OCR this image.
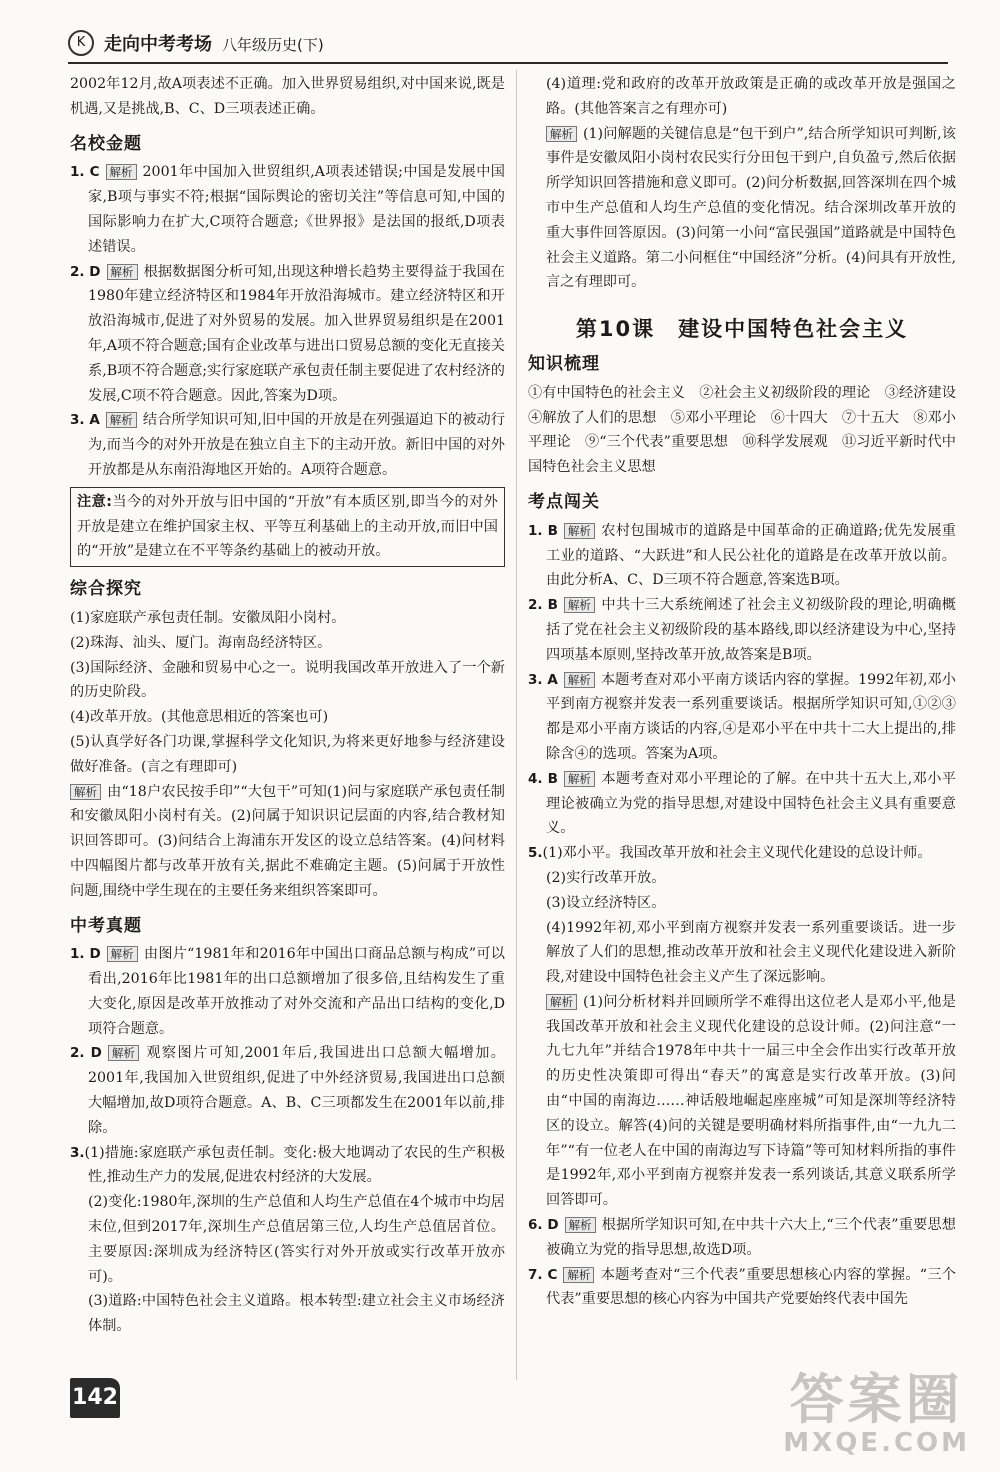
K	走向中考考场 八年级历史(下)

2002年12月,故A项表述不正确。加入世界贸易组织,对中国来说,既是机遇,又是挑战,B、C、D三项表述正确。

名校金题

1. C 解析 2001年中国加入世贸组织,A项表述错误;中国是发展中国家,B项与事实不符;根据“国际舆论的密切关注”等信息可知,中国的国际影响力在扩大,C项符合题意;《世界报》是法国的报纸,D项表述错误。

2. D 解析 根据数据图分析可知,出现这种增长趋势主要得益于我国在1980年建立经济特区和1984年开放沿海城市。建立经济特区和开放沿海城市,促进了对外贸易的发展。加入世界贸易组织是在2001年,A项不符合题意;国有企业改革与进出口贸易总额的变化无直接关系,B项不符合题意;实行家庭联产承包责任制主要促进了农村经济的发展,C项不符合题意。因此,答案为D项。

3. A 解析 结合所学知识可知,旧中国的开放是在列强逼迫下的被动行为,而当今的对外开放是在独立自主下的主动开放。新旧中国的对外开放都是从东南沿海地区开始的。A项符合题意。

注意:当今的对外开放与旧中国的“开放”有本质区别,即当今的对外开放是建立在维护国家主权、平等互利基础上的主动开放,而旧中国的“开放”是建立在不平等条约基础上的被动开放。
综合探究

(1)家庭联产承包责任制。安徽凤阳小岗村。

(2)珠海、汕头、厦门。海南岛经济特区。

(3)国际经济、金融和贸易中心之一。说明我国改革开放进入了一个新的历史阶段。

(4)改革开放。(其他意思相近的答案也可)

(5)认真学好各门功课,掌握科学文化知识,为将来更好地参与经济建设做好准备。(言之有理即可)

解析 由“18户农民按手印”“大包干”可知(1)问与家庭联产承包责任制和安徽凤阳小岗村有关。(2)问属于知识识记层面的内容,结合教材知识回答即可。(3)问结合上海浦东开发区的设立总结答案。(4)问材料中四幅图片都与改革开放有关,据此不难确定主题。(5)问属于开放性问题,围绕中学生现在的主要任务来组织答案即可。

中考真题

1. D 解析 由图片“1981年和2016年中国出口商品总额与构成”可以看出,2016年比1981年的出口总额增加了很多倍,且结构发生了重大变化,原因是改革开放推动了对外交流和产品出口结构的变化,D项符合题意。

2. D 解析 观察图片可知,2001年后,我国进出口总额大幅增加。2001年,我国加入世贸组织,促进了中外经济贸易,我国进出口总额大幅增加,故D项符合题意。A、B、C三项都发生在2001年以前,排除。

3.(1)措施:家庭联产承包责任制。变化:极大地调动了农民的生产积极性,推动生产力的发展,促进农村经济的大发展。

(2)变化:1980年,深圳的生产总值和人均生产总值在4个城市中均居末位,但到2017年,深圳生产总值居第三位,人均生产总值居首位。主要原因:深圳成为经济特区(答实行对外开放或实行改革开放亦可)。

(3)道路:中国特色社会主义道路。根本转型:建立社会主义市场经济体制。

(4)道理:党和政府的改革开放政策是正确的或改革开放是强国之路。(其他答案言之有理亦可)

解析 (1)问解题的关键信息是“包干到户”,结合所学知识可判断,该事件是安徽凤阳小岗村农民实行分田包干到户,自负盈亏,然后依据所学知识回答措施和意义即可。(2)问分析数据,回答深圳在四个城市中生产总值和人均生产总值的变化情况。结合深圳改革开放的重大事件回答原因。(3)问第一小问“富民强国”道路就是中国特色社会主义道路。第二小问框住“中国经济”分析。(4)问具有开放性,言之有理即可。

第10课　建设中国特色社会主义
知识梳理

①有中国特色的社会主义　②社会主义初级阶段的理论　③经济建设　④解放了人们的思想　⑤邓小平理论　⑥十四大　⑦十五大　⑧邓小平理论　⑨“三个代表”重要思想　⑩科学发展观　⑪习近平新时代中国特色社会主义思想

考点闯关

1. B 解析 农村包围城市的道路是中国革命的正确道路;优先发展重工业的道路、“大跃进”和人民公社化的道路是在改革开放以前。由此分析A、C、D三项不符合题意,答案选B项。

2. B 解析 中共十三大系统阐述了社会主义初级阶段的理论,明确概括了党在社会主义初级阶段的基本路线,即以经济建设为中心,坚持四项基本原则,坚持改革开放,故答案是B项。

3. A 解析 本题考查对邓小平南方谈话内容的掌握。1992年初,邓小平到南方视察并发表一系列重要谈话。根据所学知识可知,①②③都是邓小平南方谈话的内容,④是邓小平在中共十二大上提出的,排除含④的选项。答案为A项。

4. B 解析 本题考查对邓小平理论的了解。在中共十五大上,邓小平理论被确立为党的指导思想,对建设中国特色社会主义具有重要意义。

5.(1)邓小平。我国改革开放和社会主义现代化建设的总设计师。

(2)实行改革开放。

(3)设立经济特区。

(4)1992年初,邓小平到南方视察并发表一系列重要谈话。进一步解放了人们的思想,推动改革开放和社会主义现代化建设进入新阶段,对建设中国特色社会主义产生了深远影响。

解析 (1)问分析材料并回顾所学不难得出这位老人是邓小平,他是我国改革开放和社会主义现代化建设的总设计师。(2)问注意“一九七九年”并结合1978年中共十一届三中全会作出实行改革开放的历史性决策即可得出“春天”的寓意是实行改革开放。(3)问由“中国的南海边……神话般地崛起座座城”可知是深圳等经济特区的设立。解答(4)问的关键是要明确材料所指事件,由“一九九二年”“有一位老人在中国的南海边写下诗篇”等可知材料所指的事件是1992年,邓小平到南方视察并发表一系列谈话,其意义联系所学回答即可。

6. D 解析 根据所学知识可知,在中共十六大上,“三个代表”重要思想被确立为党的指导思想,故选D项。

7. C 解析 本题考查对“三个代表”重要思想核心内容的掌握。“三个代表”重要思想的核心内容为中国共产党要始终代表中国先

142	答案圈
MXQE.COM
